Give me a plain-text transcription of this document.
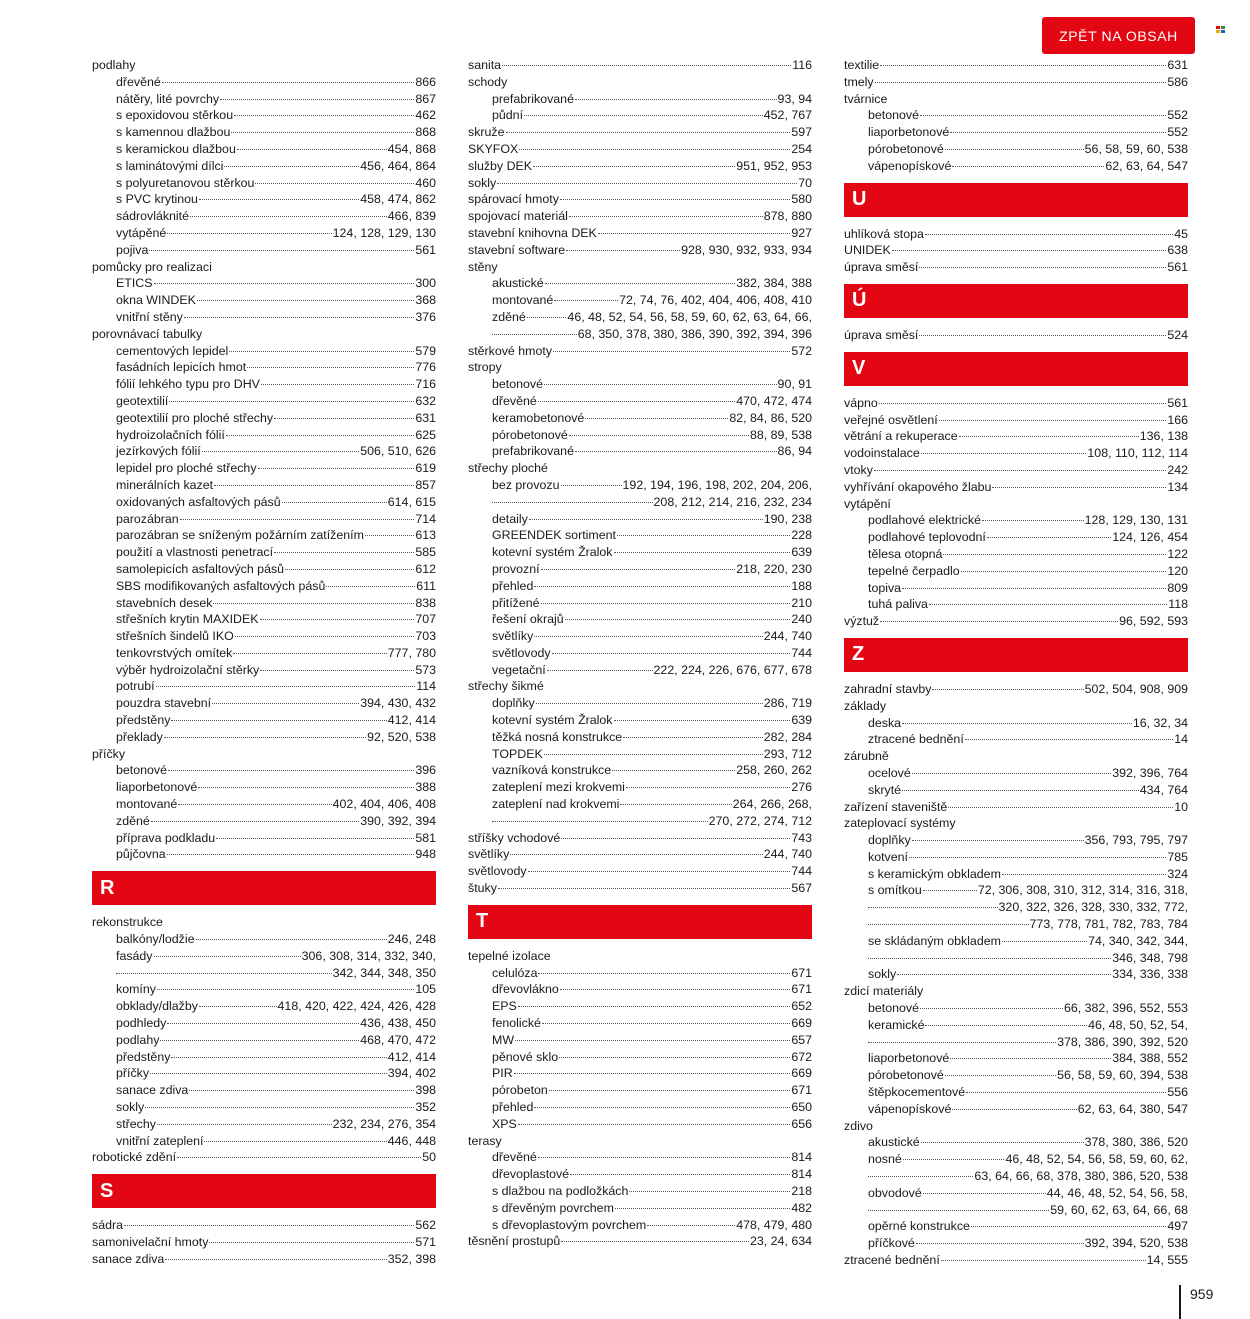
ZPĚT NA OBSAH
podlahy
dřevěné	866
nátěry, lité povrchy	867
s epoxidovou stěrkou	462
s kamennou dlažbou	868
s keramickou dlažbou	454, 868
s laminátovými dílci	456, 464, 864
s polyuretanovou stěrkou	460
s PVC krytinou	458, 474, 862
sádrovláknité	466, 839
vytápěné	124, 128, 129, 130
pojiva	561
pomůcky pro realizaci
ETICS	300
okna WINDEK	368
vnitřní stěny	376
porovnávací tabulky
cementových lepidel	579
fasádních lepicích hmot	776
fólií lehkého typu pro DHV	716
geotextilií	632
geotextilií pro ploché střechy	631
hydroizolačních fólií	625
jezírkových fólií	506, 510, 626
lepidel pro ploché střechy	619
minerálních kazet	857
oxidovaných asfaltových pásů	614, 615
parozábran	714
parozábran se sníženým požárním zatížením	613
použití a vlastnosti penetrací	585
samolepicích asfaltových pásů	612
SBS modifikovaných asfaltových pásů	611
stavebních desek	838
střešních krytin MAXIDEK	707
střešních šindelů IKO	703
tenkovrstvých omítek	777, 780
výběr hydroizolační stěrky	573
potrubí	114
pouzdra stavební	394, 430, 432
předstěny	412, 414
překlady	92, 520, 538
příčky
betonové	396
liaporbetonové	388
montované	402, 404, 406, 408
zděné	390, 392, 394
příprava podkladu	581
půjčovna	948
R
rekonstrukce
balkóny/lodžie	246, 248
fasády	306, 308, 314, 332, 340,
342, 344, 348, 350
komíny	105
obklady/dlažby	418, 420, 422, 424, 426, 428
podhledy	436, 438, 450
podlahy	468, 470, 472
předstěny	412, 414
příčky	394, 402
sanace zdiva	398
sokly	352
střechy	232, 234, 276, 354
vnitřní zateplení	446, 448
robotické zdění	50
S
sádra	562
samonivelační hmoty	571
sanace zdiva	352, 398
sanita	116
schody
prefabrikované	93, 94
půdní	452, 767
skruže	597
SKYFOX	254
služby DEK	951, 952, 953
sokly	70
spárovací hmoty	580
spojovací materiál	878, 880
stavební knihovna DEK	927
stavební software	928, 930, 932, 933, 934
stěny
akustické	382, 384, 388
montované	72, 74, 76, 402, 404, 406, 408, 410
zděné	46, 48, 52, 54, 56, 58, 59, 60, 62, 63, 64, 66,
68, 350, 378, 380, 386, 390, 392, 394, 396
stěrkové hmoty	572
stropy
betonové	90, 91
dřevěné	470, 472, 474
keramobetonové	82, 84, 86, 520
pórobetonové	88, 89, 538
prefabrikované	86, 94
střechy ploché
bez provozu	192, 194, 196, 198, 202, 204, 206,
208, 212, 214, 216, 232, 234
detaily	190, 238
GREENDEK sortiment	228
kotevní systém Žralok	639
provozní	218, 220, 230
přehled	188
přitížené	210
řešení okrajů	240
světlíky	244, 740
světlovody	744
vegetační	222, 224, 226, 676, 677, 678
střechy šikmé
doplňky	286, 719
kotevní systém Žralok	639
těžká nosná konstrukce	282, 284
TOPDEK	293, 712
vazníková konstrukce	258, 260, 262
zateplení mezi krokvemi	276
zateplení nad krokvemi	264, 266, 268,
270, 272, 274, 712
stříšky vchodové	743
světlíky	244, 740
světlovody	744
štuky	567
T
tepelné izolace
celulóza	671
dřevovlákno	671
EPS	652
fenolické	669
MW	657
pěnové sklo	672
PIR	669
pórobeton	671
přehled	650
XPS	656
terasy
dřevěné	814
dřevoplastové	814
s dlažbou na podložkách	218
s dřevěným povrchem	482
s dřevoplastovým povrchem	478, 479, 480
těsnění prostupů	23, 24, 634
textilie	631
tmely	586
tvárnice
betonové	552
liaporbetonové	552
pórobetonové	56, 58, 59, 60, 538
vápenopískové	62, 63, 64, 547
U
uhlíková stopa	45
UNIDEK	638
úprava směsí	561
Ú
úprava směsí	524
V
vápno	561
veřejné osvětlení	166
větrání a rekuperace	136, 138
vodoinstalace	108, 110, 112, 114
vtoky	242
vyhřívání okapového žlabu	134
vytápění
podlahové elektrické	128, 129, 130, 131
podlahové teplovodní	124, 126, 454
tělesa otopná	122
tepelné čerpadlo	120
topiva	809
tuhá paliva	118
výztuž	96, 592, 593
Z
zahradní stavby	502, 504, 908, 909
základy
deska	16, 32, 34
ztracené bednění	14
zárubně
ocelové	392, 396, 764
skryté	434, 764
zařízení staveniště	10
zateplovací systémy
doplňky	356, 793, 795, 797
kotvení	785
s keramickým obkladem	324
s omítkou	72, 306, 308, 310, 312, 314, 316, 318,
320, 322, 326, 328, 330, 332, 772,
773, 778, 781, 782, 783, 784
se skládaným obkladem	74, 340, 342, 344,
346, 348, 798
sokly	334, 336, 338
zdicí materiály
betonové	66, 382, 396, 552, 553
keramické	46, 48, 50, 52, 54,
378, 386, 390, 392, 520
liaporbetonové	384, 388, 552
pórobetonové	56, 58, 59, 60, 394, 538
štěpkocementové	556
vápenopískové	62, 63, 64, 380, 547
zdivo
akustické	378, 380, 386, 520
nosné	46, 48, 52, 54, 56, 58, 59, 60, 62,
63, 64, 66, 68, 378, 380, 386, 520, 538
obvodové	44, 46, 48, 52, 54, 56, 58,
59, 60, 62, 63, 64, 66, 68
opěrné konstrukce	497
příčkové	392, 394, 520, 538
ztracené bednění	14, 555
959
